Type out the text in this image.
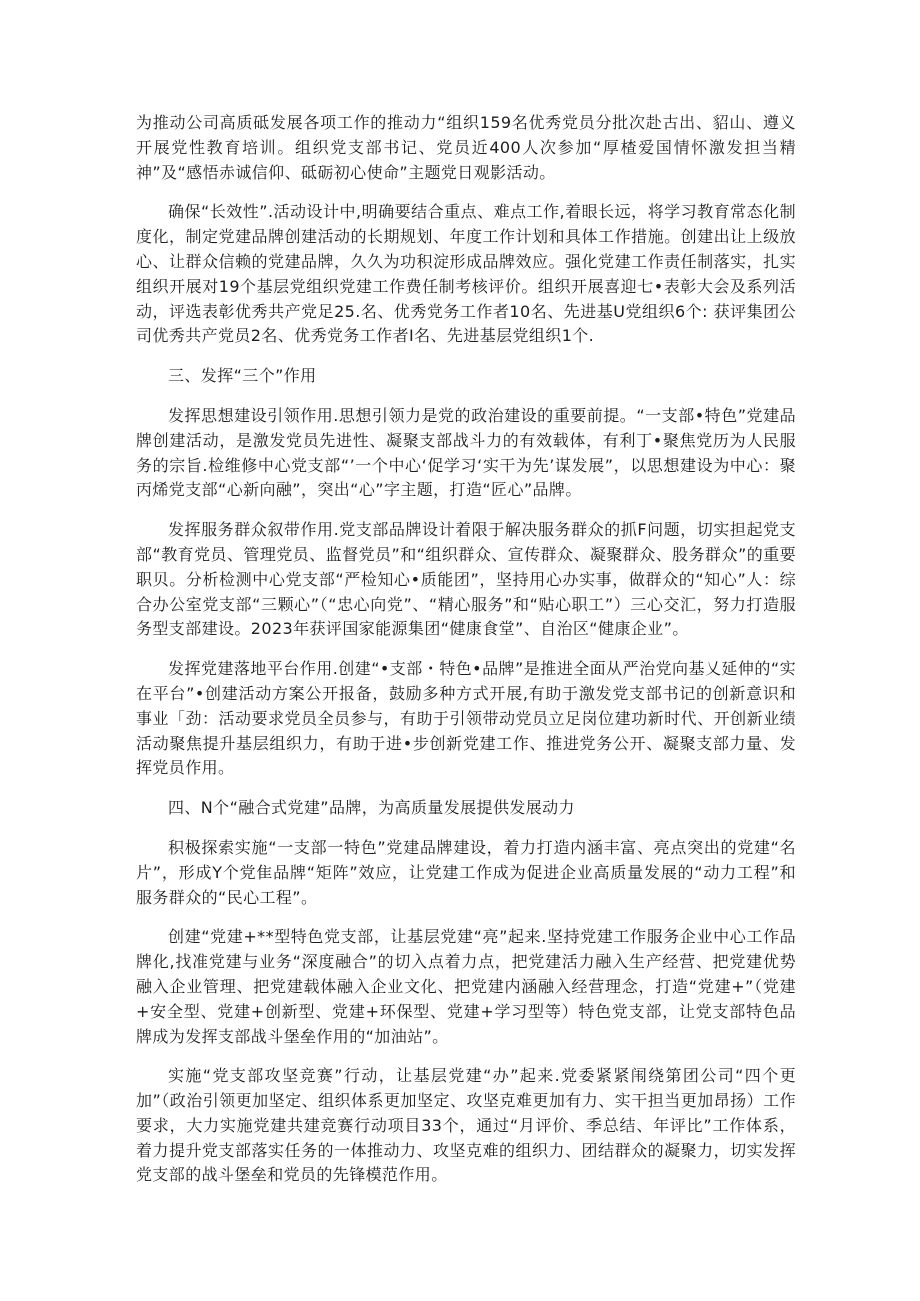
为推动公司高质砥发展各项工作的推动力“组织159名优秀党员分批次赴古出、貂山、遵义开展党性教育培训。组织党支部书记、党员近400人次参加“厚楂爱国情怀激发担当精神”及“感悟赤诚信仰、砥砺初心使命”主题党日观影活动。

确保“长效性”.活动设计中,明确要结合重点、难点工作,着眼长远，将学习教育常态化制度化，制定党建品牌创建活动的长期规划、年度工作计划和具体工作措施。创建出让上级放心、让群众信赖的党建品牌，久久为功积淀形成品牌效应。强化党建工作责任制落实，扎实组织开展对19个基层党组织党建工作费任制考核评价。组织开展喜迎七•表彰大会及系列活动，评选表彰优秀共产党足25.名、优秀党务工作者10名、先进基U党组织6个: 获评集团公司优秀共产党员2名、优秀党务工作者I名、先进基层党组织1个.

三、发挥“三个”作用

发挥思想建设引领作用.思想引领力是党的政治建设的重要前提。“一支部•特色”党建品牌创建活动，是激发党员先进性、凝聚支部战斗力的有效载体，有利丁•聚焦党历为人民服务的宗旨.检维修中心党支部“’一个中心‘促学习‘实干为先’谋发展”，以思想建设为中心：聚丙烯党支部“心新向融”，突出“心”字主题，打造“匠心”品牌。

发挥服务群众叙带作用.党支部品牌设计着限于解决服务群众的抓F问题，切实担起党支部“教育党员、管理党员、监督党员”和“组织群众、宣传群众、凝聚群众、股务群众”的重要职贝。分析检测中心党支部“严检知心•质能团”，坚持用心办实事，做群众的“知心”人：综合办公室党支部“三颗心”（“忠心向党”、“精心服务”和“贴心职工”）三心交汇，努力打造服务型支部建设。2023年获评国家能源集团“健康食堂”、自治区“健康企业”。

发挥党建落地平台作用.创建“•支部・特色•品牌”是推进全面从严治党向基乂延伸的“实在平台”•创建活动方案公开报备，鼓励多种方式开展,有助于激发党支部书记的创新意识和事业「劲：活动要求党员全员参与，有助于引领带动党员立足岗位建功新时代、开创新业绩活动聚焦提升基层组织力，有助于进•步创新党建工作、推进党务公开、凝聚支部力量、发挥党员作用。

四、N个“融合式党建”品牌，为高质量发展提供发展动力

积极探索实施“一支部一特色”党建品牌建设，着力打造内涵丰富、亮点突出的党建“名片”，形成Y个党隹品牌“矩阵”效应，让党建工作成为促进企业高质量发展的“动力工程”和服务群众的“民心工程”。

创建“党建+**型特色党支部，让基层党建“亮”起来.坚持党建工作服务企业中心工作品牌化,找准党建与业务“深度融合”的切入点着力点，把党建活力融入生产经营、把党建优势融入企业管理、把党建载体融入企业文化、把党建内涵融入经营理念，打造“党建+”（党建+安全型、党建+创新型、党建+环保型、党建+学习型等）特色党支部，让党支部特色品牌成为发挥支部战斗堡垒作用的“加油站”。

实施“党支部攻坚竞赛”行动，让基层党建“办”起来.党委紧紧闱绕第团公司“四个更加”（政治引领更加坚定、组织体系更加坚定、攻坚克难更加有力、实干担当更加昂扬）工作要求，大力实施党建共建竞赛行动项目33个，通过“月评价、季总结、年评比”工作体系，着力提升党支部落实任务的一体推动力、攻坚克难的组织力、团结群众的凝聚力，切实发挥党支部的战斗堡垒和党员的先锋模范作用。
